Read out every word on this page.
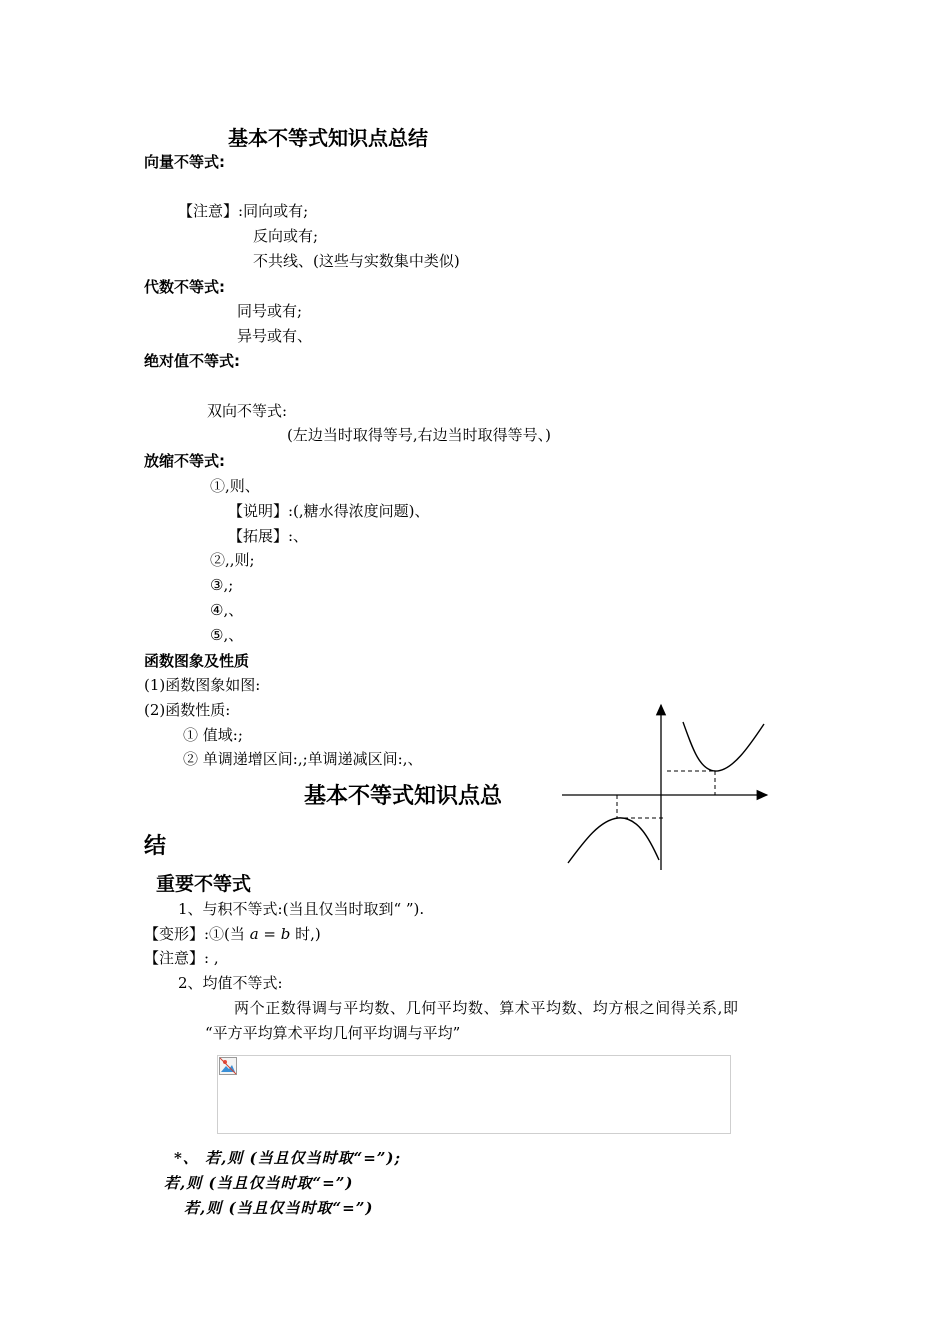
基本不等式知识点总结
向量不等式:
【注意】:同向或有;
反向或有;
不共线、(这些与实数集中类似)
代数不等式:
同号或有;
异号或有、
绝对值不等式:
双向不等式:
(左边当时取得等号,右边当时取得等号、)
放缩不等式:
①,则、
【说明】:(,糖水得浓度问题)、
【拓展】:、
②,,则;
③,;
④,、
⑤,、
函数图象及性质
(1)函数图象如图:
(2)函数性质:
① 值域:;
② 单调递增区间:,;单调递减区间:,、
基本不等式知识点总
结
重要不等式
1、与积不等式:(当且仅当时取到“ ”).
【变形】:①(当 a = b 时,)
【注意】: ,
2、均值不等式:
两个正数得调与平均数、几何平均数、算术平均数、均方根之间得关系,即
“平方平均算术平均几何平均调与平均”
*、 若,则 (当且仅当时取“=”);
若,则 (当且仅当时取“=”)
若,则 (当且仅当时取“=”)
